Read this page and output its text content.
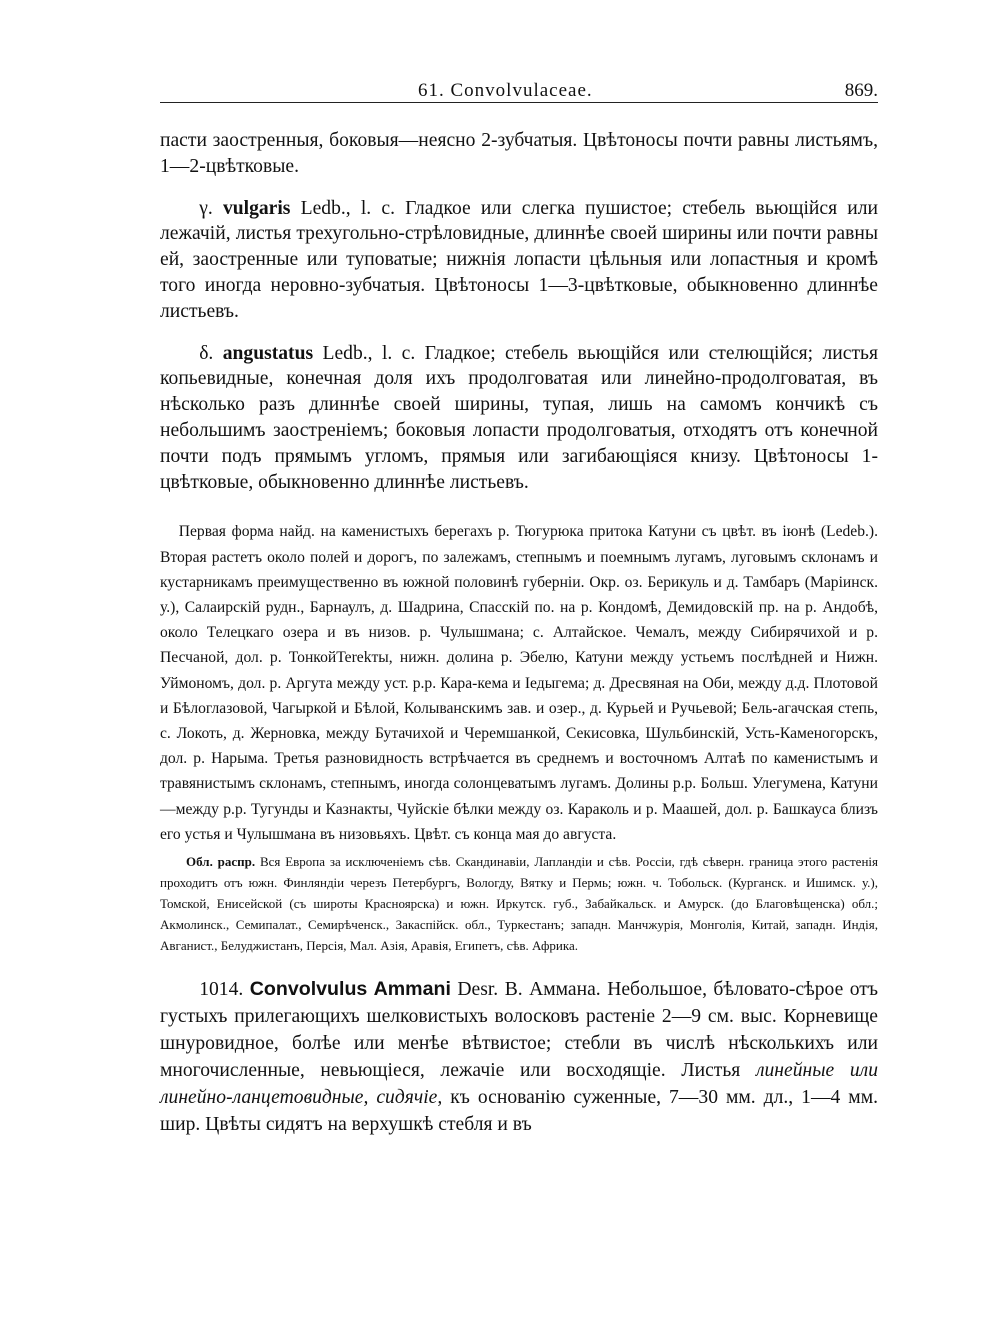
61. Convolvulaceae.	869.

пасти заостренныя, боковыя—неясно 2-зубчатыя. Цвѣтоносы почти равны листьямъ, 1—2-цвѣтковые.

γ. vulgaris Ledb., l. c. Гладкое или слегка пушистое; стебель вьющійся или лежачій, листья трехугольно-стрѣловидные, длиннѣе своей ширины или почти равны ей, заостренные или туповатые; нижнія лопасти цѣльныя или лопастныя и кромѣ того иногда неровно-зубчатыя. Цвѣтоносы 1—3-цвѣтковые, обыкновенно длиннѣе листьевъ.

δ. angustatus Ledb., l. c. Гладкое; стебель вьющійся или стелющійся; листья копьевидные, конечная доля ихъ продолговатая или линейно-продолговатая, въ нѣсколько разъ длиннѣе своей ширины, тупая, лишь на самомъ кончикѣ съ небольшимъ заостреніемъ; боковыя лопасти продолговатыя, отходятъ отъ конечной почти подъ прямымъ угломъ, прямыя или загибающіяся книзу. Цвѣтоносы 1-цвѣтковые, обыкновенно длиннѣе листьевъ.

Первая форма найд. на каменистыхъ берегахъ р. Тюгурюка притока Катуни съ цвѣт. въ іюнѣ (Ledeb.). Вторая растетъ около полей и дорогъ, по залежамъ, степнымъ и поемнымъ лугамъ, луговымъ склонамъ и кустарникамъ преимущественно въ южной половинѣ губерніи. Окр. оз. Берикуль и д. Тамбаръ (Маріинск. у.), Салаирскій рудн., Барнаулъ, д. Шадрина, Спасскій по. на р. Кондомѣ, Демидовскій пр. на р. Андобѣ, около Телецкаго озера и въ низов. р. Чулышмана; с. Алтайское. Чемалъ, между Сибирячихой и р. Песчаной, дол. р. ТонкойTerekты, нижн. долина р. Эбелю, Катуни между устьемъ послѣдней и Нижн. Уймономъ, дол. р. Аргута между уст. р.р. Кара-кема и Іедыгема; д. Дресвяная на Оби, между д.д. Плотовой и Бѣлоглазовой, Чагыркой и Бѣлой, Колыванскимъ зав. и озер., д. Курьей и Ручьевой; Бель-агачская степь, с. Локоть, д. Жерновка, между Бутачихой и Черемшанкой, Секисовка, Шульбинскій, Усть-Каменогорскъ, дол. р. Нарыма. Третья разновидность встрѣчается въ среднемъ и восточномъ Алтаѣ по каменистымъ и травянистымъ склонамъ, степнымъ, иногда солонцеватымъ лугамъ. Долины р.р. Больш. Улегумена, Катуни—между р.р. Тугунды и Казнакты, Чуйскіе бѣлки между оз. Караколь и р. Маашей, дол. р. Башкауса близъ его устья и Чулышмана въ низовьяхъ. Цвѣт. съ конца мая до августа.

Обл. распр. Вся Европа за исключеніемъ сѣв. Скандинавіи, Лапландіи и сѣв. Россіи, гдѣ сѣверн. граница этого растенія проходитъ отъ южн. Финляндіи черезъ Петербургъ, Вологду, Вятку и Пермь; южн. ч. Тобольск. (Курганск. и Ишимск. у.), Томской, Енисейской (съ широты Красноярска) и южн. Иркутск. губ., Забайкальск. и Амурск. (до Благовѣщенска) обл.; Акмолинск., Семипалат., Семирѣченск., Закаспійск. обл., Туркестанъ; западн. Манчжурія, Монголія, Китай, западн. Индія, Авганист., Белуджистанъ, Персія, Мал. Азія, Аравія, Египетъ, сѣв. Африка.

1014. Convolvulus Ammani Desr. В. Аммана. Небольшое, бѣловато-сѣрое отъ густыхъ прилегающихъ шелковистыхъ волосковъ растеніе 2—9 см. выс. Корневище шнуровидное, болѣе или менѣе вѣтвистое; стебли въ числѣ нѣсколькихъ или многочисленные, невьющіеся, лежачіе или восходящіе. Листья линейные или линейно-ланцетовидные, сидячіе, къ основанію суженные, 7—30 мм. дл., 1—4 мм. шир. Цвѣты сидятъ на верхушкѣ стебля и въ
